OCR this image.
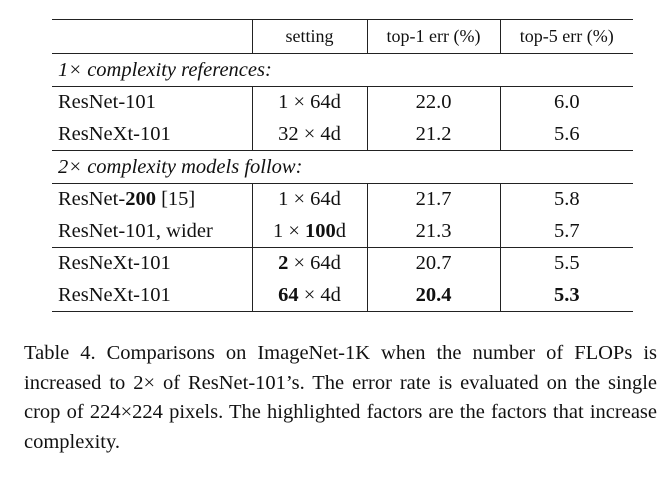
	setting	top-1 err (%)	top-5 err (%)
1× complexity references:			
ResNet-101	1 × 64d	22.0	6.0
ResNeXt-101	32 × 4d	21.2	5.6
2× complexity models follow:			
ResNet-200 [15]	1 × 64d	21.7	5.8
ResNet-101, wider	1 × 100d	21.3	5.7
ResNeXt-101	2 × 64d	20.7	5.5
ResNeXt-101	64 × 4d	20.4	5.3
Table 4. Comparisons on ImageNet-1K when the number of FLOPs is increased to 2× of ResNet-101’s. The error rate is evaluated on the single crop of 224×224 pixels. The highlighted factors are the factors that increase complexity.
